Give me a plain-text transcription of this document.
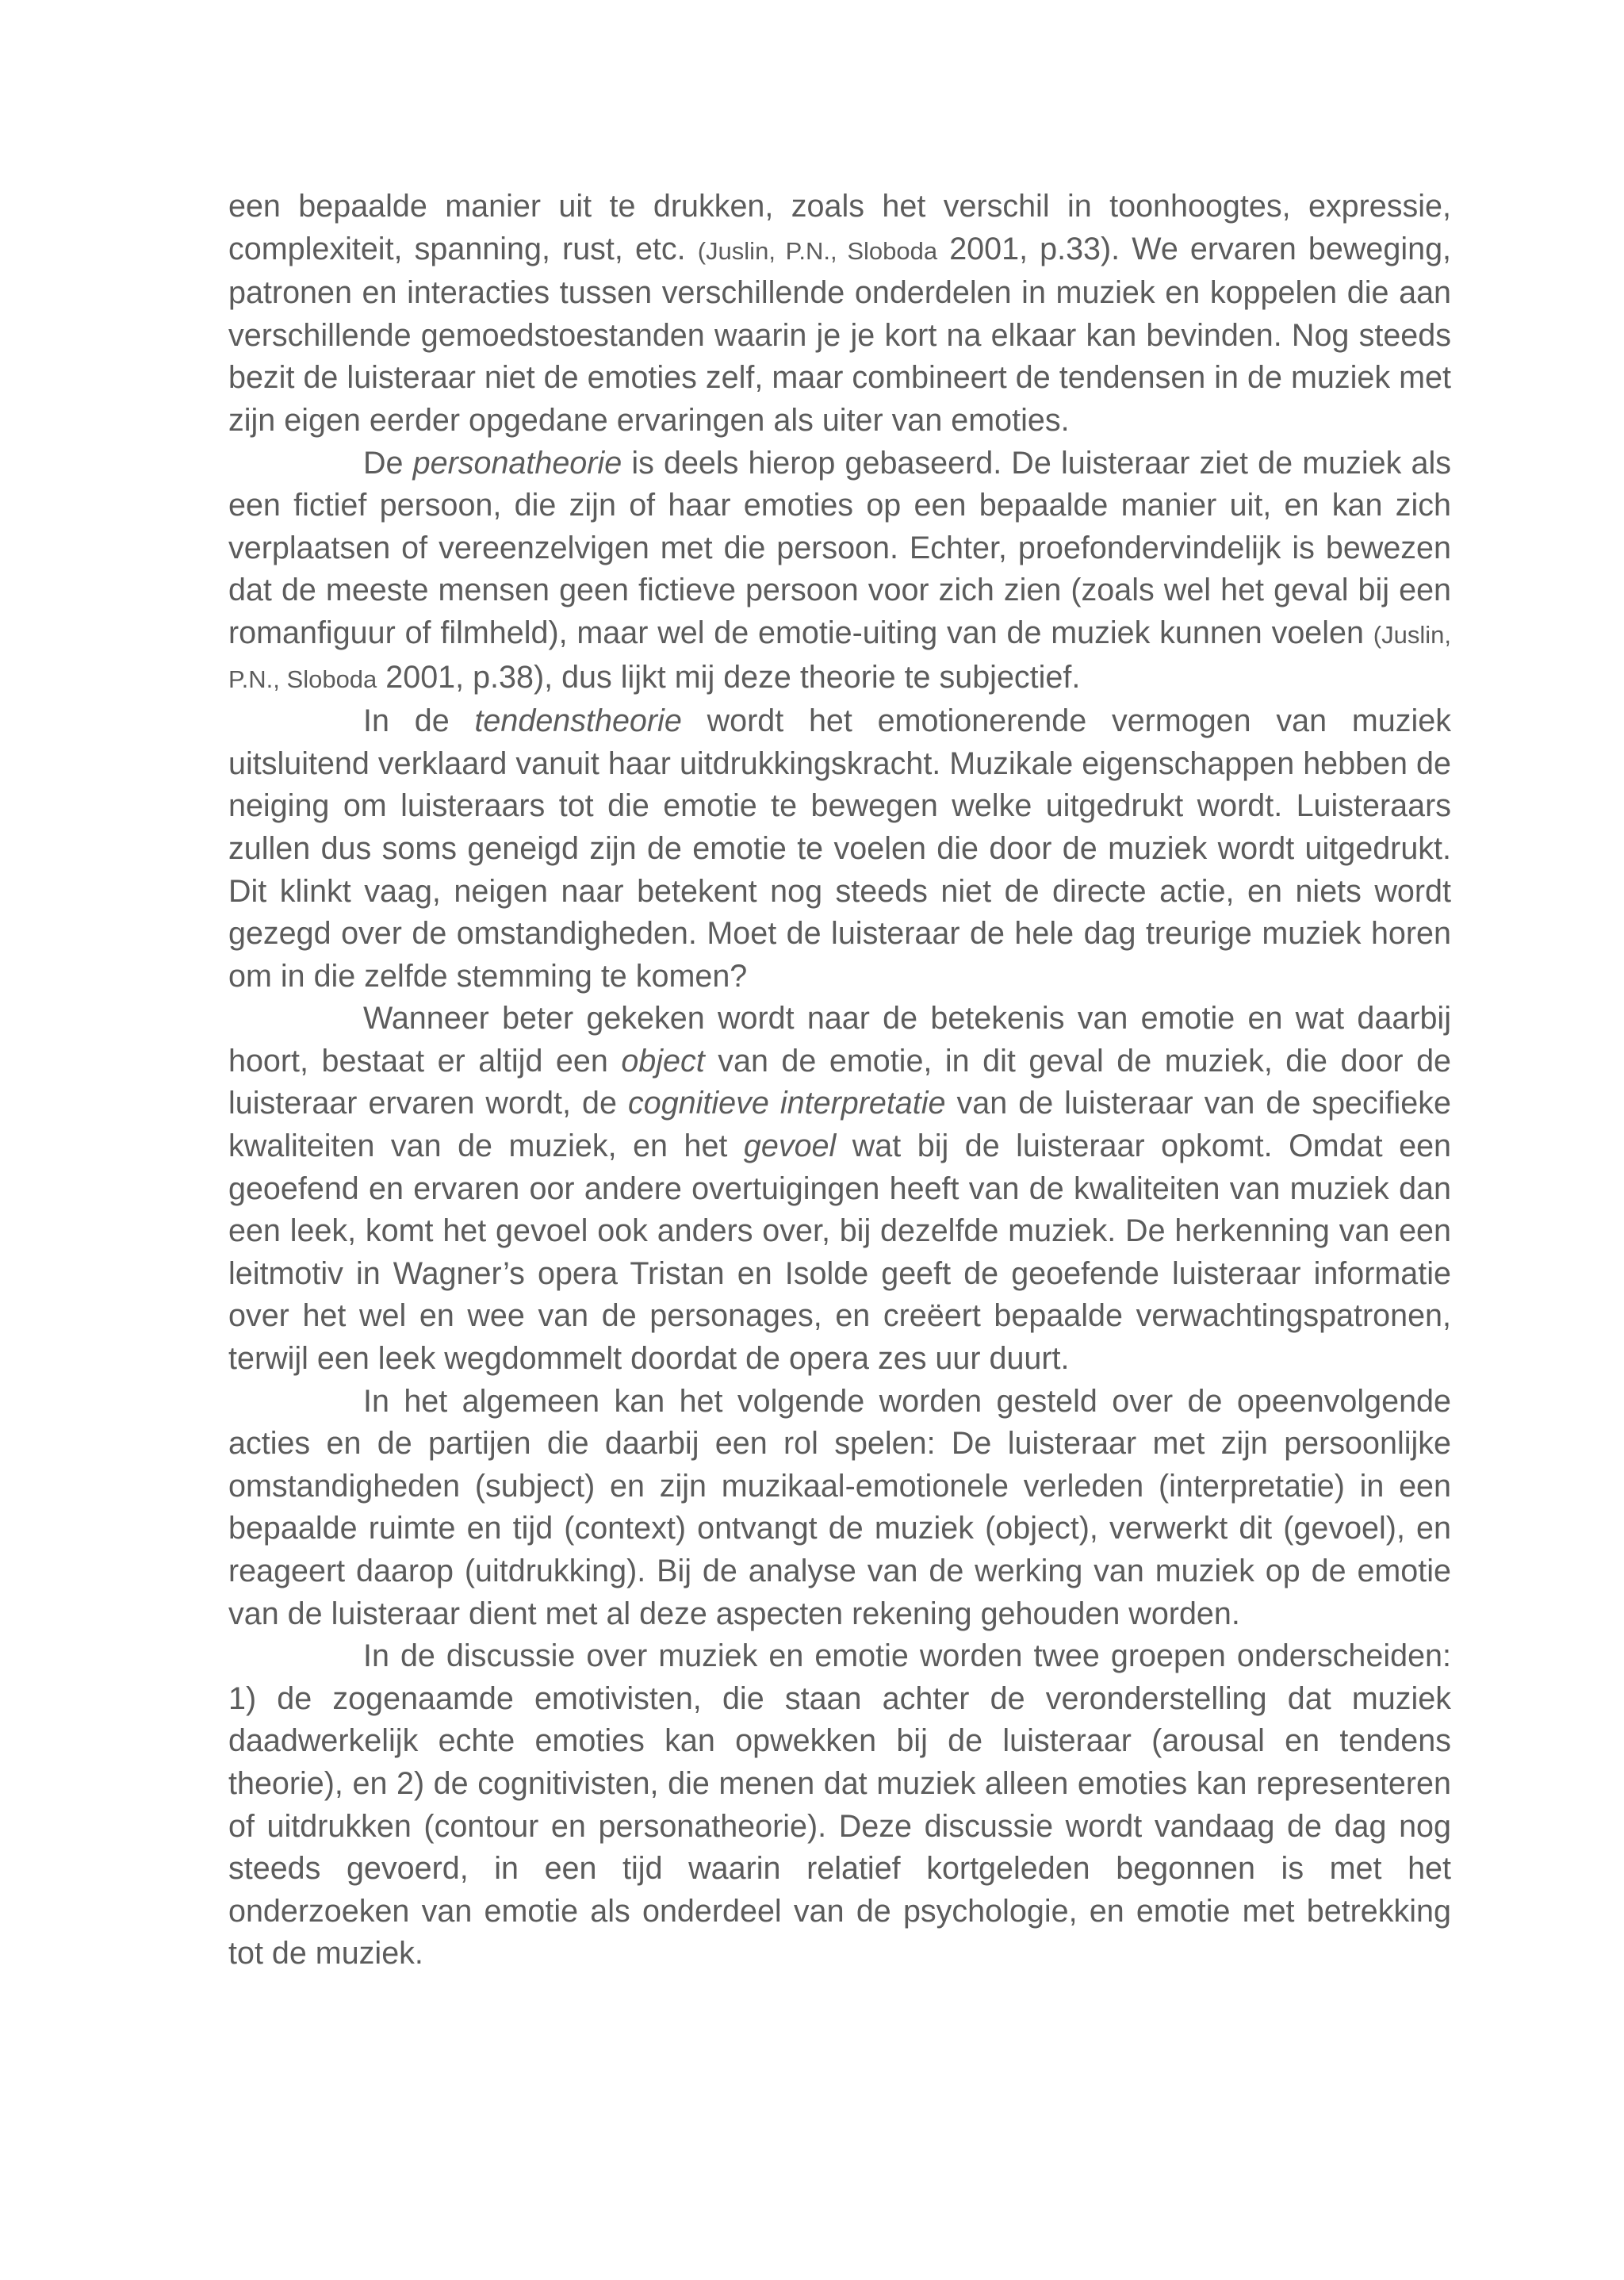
een bepaalde manier uit te drukken, zoals het verschil in toonhoogtes, expressie, complexiteit, spanning, rust, etc. (Juslin, P.N., Sloboda 2001, p.33). We ervaren beweging, patronen en interacties tussen verschillende onderdelen in muziek en koppelen die aan verschillende gemoedstoestanden waarin je je kort na elkaar kan bevinden. Nog steeds bezit de luisteraar niet de emoties zelf, maar combineert de tendensen in de muziek met zijn eigen eerder opgedane ervaringen als uiter van emoties.

De personatheorie is deels hierop gebaseerd. De luisteraar ziet de muziek als een fictief persoon, die zijn of haar emoties op een bepaalde manier uit, en kan zich verplaatsen of vereenzelvigen met die persoon. Echter, proefondervindelijk is bewezen dat de meeste mensen geen fictieve persoon voor zich zien (zoals wel het geval bij een romanfiguur of filmheld), maar wel de emotie-uiting van de muziek kunnen voelen (Juslin, P.N., Sloboda 2001, p.38), dus lijkt mij deze theorie te subjectief.

In de tendenstheorie wordt het emotionerende vermogen van muziek uitsluitend verklaard vanuit haar uitdrukkingskracht. Muzikale eigenschappen hebben de neiging om luisteraars tot die emotie te bewegen welke uitgedrukt wordt. Luisteraars zullen dus soms geneigd zijn de emotie te voelen die door de muziek wordt uitgedrukt. Dit klinkt vaag, neigen naar betekent nog steeds niet de directe actie, en niets wordt gezegd over de omstandigheden. Moet de luisteraar de hele dag treurige muziek horen om in die zelfde stemming te komen?

Wanneer beter gekeken wordt naar de betekenis van emotie en wat daarbij hoort, bestaat er altijd een object van de emotie, in dit geval de muziek, die door de luisteraar ervaren wordt, de cognitieve interpretatie van de luisteraar van de specifieke kwaliteiten van de muziek, en het gevoel wat bij de luisteraar opkomt. Omdat een geoefend en ervaren oor andere overtuigingen heeft van de kwaliteiten van muziek dan een leek, komt het gevoel ook anders over, bij dezelfde muziek. De herkenning van een leitmotiv in Wagner’s opera Tristan en Isolde geeft de geoefende luisteraar informatie over het wel en wee van de personages, en creëert bepaalde verwachtingspatronen, terwijl een leek wegdommelt doordat de opera zes uur duurt.

In het algemeen kan het volgende worden gesteld over de opeenvolgende acties en de partijen die daarbij een rol spelen: De luisteraar met zijn persoonlijke omstandigheden (subject) en zijn muzikaal-emotionele verleden (interpretatie) in een bepaalde ruimte en tijd (context) ontvangt de muziek (object), verwerkt dit (gevoel), en reageert daarop (uitdrukking). Bij de analyse van de werking van muziek op de emotie van de luisteraar dient met al deze aspecten rekening gehouden worden.

In de discussie over muziek en emotie worden twee groepen onderscheiden: 1) de zogenaamde emotivisten, die staan achter de veronderstelling dat muziek daadwerkelijk echte emoties kan opwekken bij de luisteraar (arousal en tendens theorie), en 2) de cognitivisten, die menen dat muziek alleen emoties kan representeren of uitdrukken (contour en personatheorie). Deze discussie wordt vandaag de dag nog steeds gevoerd, in een tijd waarin relatief kortgeleden begonnen is met het onderzoeken van emotie als onderdeel van de psychologie, en emotie met betrekking tot de muziek.
